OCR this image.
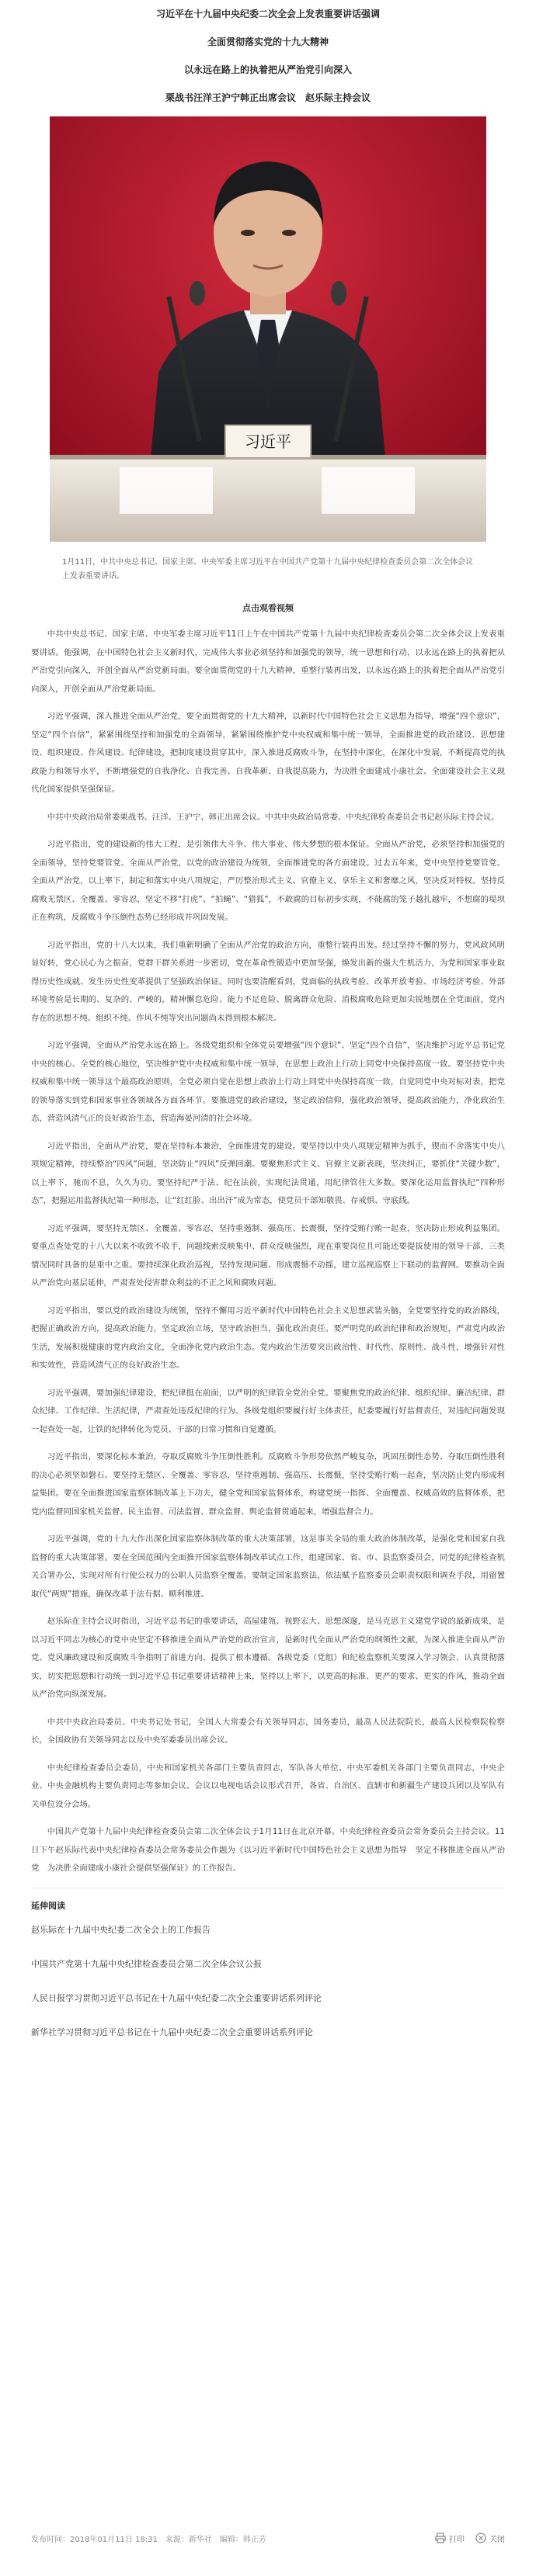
习近平在十九届中央纪委二次全会上发表重要讲话强调

全面贯彻落实党的十九大精神

以永远在路上的执着把从严治党引向深入

栗战书汪洋王沪宁韩正出席会议　赵乐际主持会议

习近平

1月11日，中共中央总书记、国家主席、中央军委主席习近平在中国共产党第十九届中央纪律检查委员会第二次全体会议上发表重要讲话。

点击观看视频

中共中央总书记、国家主席、中央军委主席习近平11日上午在中国共产党第十九届中央纪律检查委员会第二次全体会议上发表重要讲话。他强调，在中国特色社会主义新时代，完成伟大事业必须坚持和加强党的领导，统一思想和行动，以永远在路上的执着把从严治党引向深入，开创全面从严治党新局面。要全面贯彻党的十九大精神，重整行装再出发，以永远在路上的执着把全面从严治党引向深入，开创全面从严治党新局面。

习近平强调，深入推进全面从严治党，要全面贯彻党的十九大精神，以新时代中国特色社会主义思想为指导，增强“四个意识”，坚定“四个自信”，紧紧围绕坚持和加强党的全面领导，紧紧围绕维护党中央权威和集中统一领导，全面推进党的政治建设、思想建设、组织建设、作风建设、纪律建设，把制度建设贯穿其中，深入推进反腐败斗争，在坚持中深化，在深化中发展，不断提高党的执政能力和领导水平，不断增强党的自我净化、自我完善、自我革新、自我提高能力，为决胜全面建成小康社会、全面建设社会主义现代化国家提供坚强保证。

中共中央政治局常委栗战书、汪洋、王沪宁、韩正出席会议。中共中央政治局常委、中央纪律检查委员会书记赵乐际主持会议。

习近平指出，党的建设新的伟大工程，是引领伟大斗争、伟大事业、伟大梦想的根本保证。全面从严治党，必须坚持和加强党的全面领导，坚持党要管党、全面从严治党，以党的政治建设为统领，全面推进党的各方面建设。过去五年来，党中央坚持党要管党、全面从严治党，以上率下，制定和落实中央八项规定，严厉整治形式主义、官僚主义、享乐主义和奢靡之风，坚决反对特权。坚持反腐败无禁区、全覆盖、零容忍，坚定不移“打虎”、“拍蝇”、“猎狐”，不敢腐的目标初步实现，不能腐的笼子越扎越牢，不想腐的堤坝正在构筑，反腐败斗争压倒性态势已经形成并巩固发展。

习近平指出，党的十八大以来，我们重新明确了全面从严治党的政治方向，重整行装再出发。经过坚持不懈的努力，党风政风明显好转，党心民心为之振奋，党群干群关系进一步密切，党在革命性锻造中更加坚强，焕发出新的强大生机活力，为党和国家事业取得历史性成就、发生历史性变革提供了坚强政治保证。同时也要清醒看到，党面临的执政考验、改革开放考验、市场经济考验、外部环境考验是长期的、复杂的、严峻的，精神懈怠危险、能力不足危险、脱离群众危险、消极腐败危险更加尖锐地摆在全党面前，党内存在的思想不纯、组织不纯、作风不纯等突出问题尚未得到根本解决。

习近平强调，全面从严治党永远在路上。各级党组织和全体党员要增强“四个意识”、坚定“四个自信”，坚决维护习近平总书记党中央的核心、全党的核心地位，坚决维护党中央权威和集中统一领导，在思想上政治上行动上同党中央保持高度一致。要坚持党中央权威和集中统一领导这个最高政治原则，全党必须自觉在思想上政治上行动上同党中央保持高度一致，自觉同党中央对标对表，把党的领导落实到党和国家事业各领域各方面各环节。要推进党的政治建设，坚定政治信仰，强化政治领导，提高政治能力，净化政治生态，营造风清气正的良好政治生态，营造海晏河清的社会环境。

习近平指出，全面从严治党，要在坚持标本兼治，全面推进党的建设。要坚持以中央八项规定精神为抓手，锲而不舍落实中央八项规定精神，持续整治“四风”问题，坚决防止“四风”反弹回潮。要聚焦形式主义、官僚主义新表现，坚决纠正，要抓住“关键少数”，以上率下，驰而不息，久久为功。要坚持纪严于法、纪在法前，实现纪法贯通，用纪律管住大多数。要深化运用监督执纪“四种形态”，把握运用监督执纪第一种形态，让“红红脸、出出汗”成为常态，使党员干部知敬畏、存戒惧、守底线。

习近平强调，要坚持无禁区、全覆盖、零容忍，坚持重遏制、强高压、长震慑，坚持受贿行贿一起查，坚决防止形成利益集团。要重点查处党的十八大以来不收敛不收手，问题线索反映集中、群众反映强烈，现在重要岗位且可能还要提拔使用的领导干部，三类情况同时具备的是重中之重。要持续深化政治巡视，坚持发现问题、形成震慑不动摇，建立巡视巡察上下联动的监督网。要推动全面从严治党向基层延伸，严肃查处侵害群众利益的不正之风和腐败问题。

习近平指出，要以党的政治建设为统领，坚持不懈用习近平新时代中国特色社会主义思想武装头脑，全党要坚持党的政治路线，把握正确政治方向，提高政治能力，坚定政治立场，坚守政治担当，强化政治责任。要严明党的政治纪律和政治规矩，严肃党内政治生活，发展积极健康的党内政治文化，全面净化党内政治生态。党内政治生活要突出政治性、时代性、原则性、战斗性，增强针对性和实效性，营造风清气正的良好政治生态。

习近平强调，要加强纪律建设，把纪律挺在前面，以严明的纪律管全党治全党。要聚焦党的政治纪律、组织纪律、廉洁纪律、群众纪律、工作纪律、生活纪律，严肃查处违反纪律的行为。各级党组织要履行好主体责任，纪委要履行好监督责任，对违纪问题发现一起查处一起，让铁的纪律转化为党员、干部的日常习惯和自觉遵循。

习近平指出，要深化标本兼治，夺取反腐败斗争压倒性胜利。反腐败斗争形势依然严峻复杂，巩固压倒性态势、夺取压倒性胜利的决心必须坚如磐石。要坚持无禁区、全覆盖、零容忍，坚持重遏制、强高压、长震慑，坚持受贿行贿一起查，坚决防止党内形成利益集团。要在全面推进国家监察体制改革上下功夫，健全党和国家监督体系，构建党统一指挥、全面覆盖、权威高效的监督体系，把党内监督同国家机关监督、民主监督、司法监督、群众监督、舆论监督贯通起来，增强监督合力。

习近平强调，党的十九大作出深化国家监察体制改革的重大决策部署，这是事关全局的重大政治体制改革，是强化党和国家自我监督的重大决策部署。要在全国范围内全面推开国家监察体制改革试点工作，组建国家、省、市、县监察委员会，同党的纪律检查机关合署办公，实现对所有行使公权力的公职人员监察全覆盖。要制定国家监察法，依法赋予监察委员会职责权限和调查手段，用留置取代“两规”措施，确保改革于法有据、顺利推进。

赵乐际在主持会议时指出，习近平总书记的重要讲话，高屋建瓴、视野宏大、思想深邃，是马克思主义建党学说的最新成果，是以习近平同志为核心的党中央坚定不移推进全面从严治党的政治宣言，是新时代全面从严治党的纲领性文献，为深入推进全面从严治党、党风廉政建设和反腐败斗争指明了前进方向、提供了根本遵循。各级党委（党组）和纪检监察机关要深入学习领会、认真贯彻落实，切实把思想和行动统一到习近平总书记重要讲话精神上来，坚持以上率下，以更高的标准、更严的要求、更实的作风，推动全面从严治党向纵深发展。

中共中央政治局委员、中央书记处书记，全国人大常委会有关领导同志，国务委员，最高人民法院院长，最高人民检察院检察长，全国政协有关领导同志以及中央军委委员出席会议。

中央纪律检查委员会委员，中央和国家机关各部门主要负责同志，军队各大单位、中央军委机关各部门主要负责同志，中央企业、中央金融机构主要负责同志等参加会议。会议以电视电话会议形式召开，各省、自治区、直辖市和新疆生产建设兵团以及军队有关单位设分会场。

中国共产党第十九届中央纪律检查委员会第二次全体会议于1月11日在北京开幕。中央纪律检查委员会常务委员会主持会议。11日下午赵乐际代表中央纪律检查委员会常务委员会作题为《以习近平新时代中国特色社会主义思想为指导　坚定不移推进全面从严治党　为决胜全面建成小康社会提供坚强保证》的工作报告。

延伸阅读

赵乐际在十九届中央纪委二次全会上的工作报告
中国共产党第十九届中央纪律检查委员会第二次全体会议公报
人民日报学习贯彻习近平总书记在十九届中央纪委二次全会重要讲话系列评论
新华社学习贯彻习近平总书记在十九届中央纪委二次全会重要讲话系列评论
发布时间：2018年01月11日 18:31　来源：新华社　编辑：韩正芳	打印	关闭
